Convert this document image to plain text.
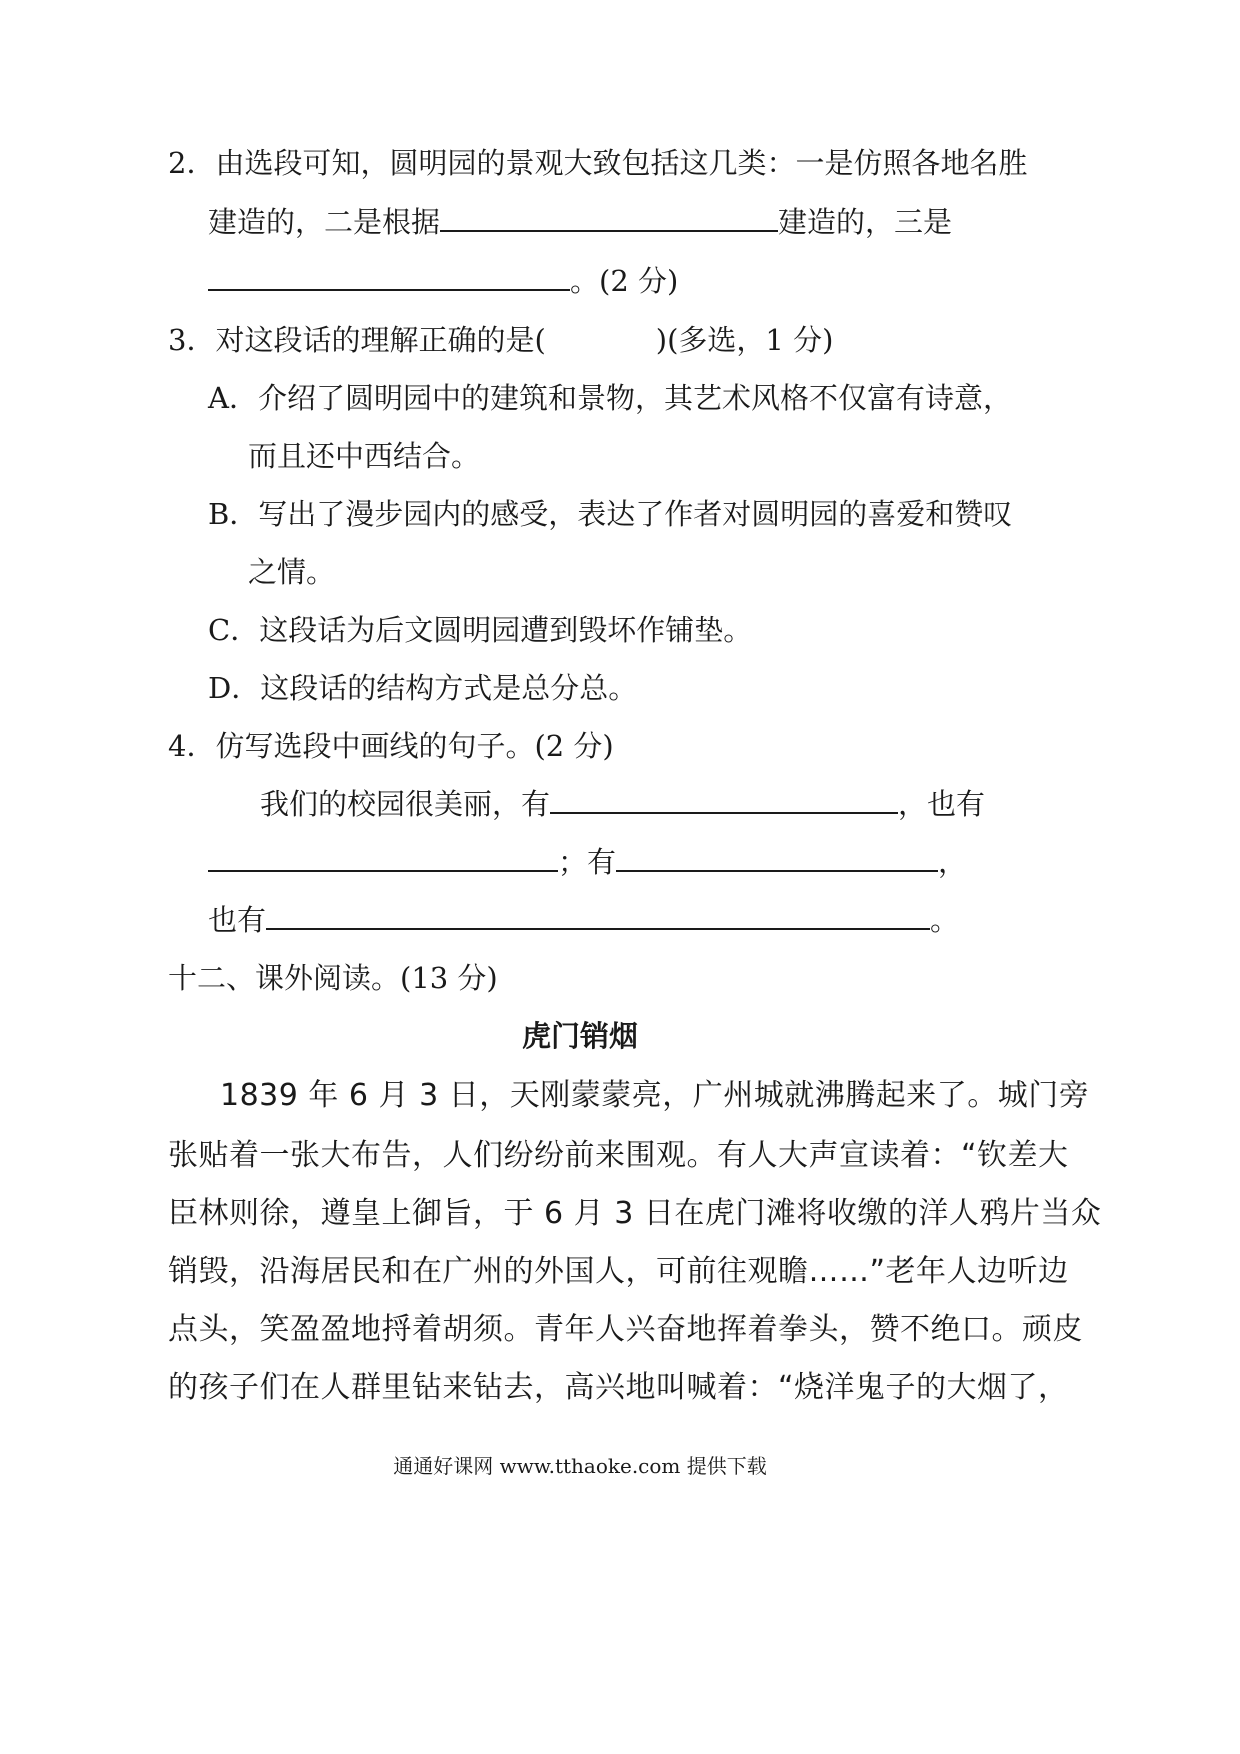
2．由选段可知，圆明园的景观大致包括这几类：一是仿照各地名胜
建造的，二是根据	建造的，三是
。(2 分)
3．对这段话的理解正确的是(	)(多选，1 分)
A．介绍了圆明园中的建筑和景物，其艺术风格不仅富有诗意，
而且还中西结合。
B．写出了漫步园内的感受，表达了作者对圆明园的喜爱和赞叹
之情。
C．这段话为后文圆明园遭到毁坏作铺垫。
D．这段话的结构方式是总分总。
4．仿写选段中画线的句子。(2 分)
我们的校园很美丽，有	，也有
；有	，
也有	。
十二、课外阅读。(13 分)
虎门销烟
1839 年 6 月 3 日，天刚蒙蒙亮，广州城就沸腾起来了。城门旁
张贴着一张大布告，人们纷纷前来围观。有人大声宣读着：“钦差大
臣林则徐，遵皇上御旨，于 6 月 3 日在虎门滩将收缴的洋人鸦片当众
销毁，沿海居民和在广州的外国人，可前往观瞻……”老年人边听边
点头，笑盈盈地捋着胡须。青年人兴奋地挥着拳头，赞不绝口。顽皮
的孩子们在人群里钻来钻去，高兴地叫喊着：“烧洋鬼子的大烟了，
通通好课网 www.tthaoke.com 提供下载
